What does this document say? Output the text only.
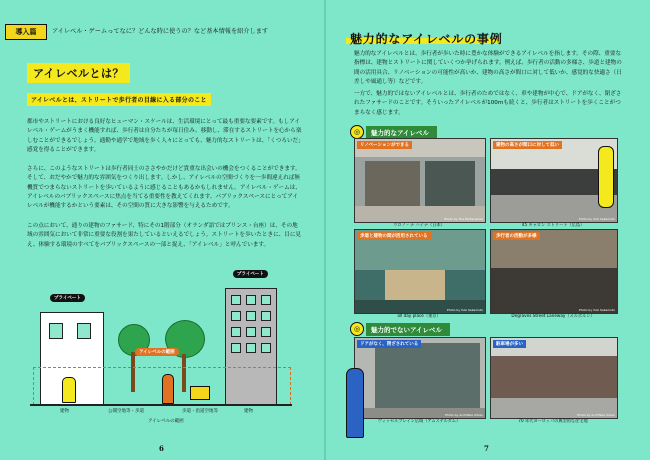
導入篇	アイレベル・ゲームってなに？どんな時に使うの？など基本情報を紹介します
アイレベルとは？
アイレベルとは、ストリートで歩行者の目線に入る部分のこと

都市やストリートにおける良好なヒューマン・スケールは、生活環境にとって最も重要な要素です。もしアイレベル・ゲームがうまく機能すれば、歩行者は自分たちが毎日住み、移動し、滞在するストリートを心から楽しむことができるでしょう。通勤や通学で地域を歩く人々にとっても、魅力的なストリートは、「くつろいだ」感覚を得ることができます。

さらに、このようなストリートは歩行者同士のささやかだけど貴重な出会いの機会をつくることができます。そして、おだやかで魅力的な雰囲気をつくり出します。しかし、アイレベルの空間づくりを一歩間違えれば無機質でつまらないストリートを歩いているように感じることもあるかもしれません。アイレベル・ゲームは、アイレベルのパブリックスペースに焦点を当てる重要性を教えてくれます。パブリックスペースにとってアイレベルが機能するかという要素は、その空間の質に大きな影響を与えるためです。

この点において、通りの建物のファサード、特にその1階部分（オランダ語ではプリンス・台座）は、その地域の雰囲気において非常に重要な役割を果たしているといえるでしょう。ストリートを歩いたときに、目に見え、体験する環境のすべてをパブリックスペースの一部と捉え、「アイレベル」と呼んでいます。

プライベート
プライベート
アイレベルの範囲
建物	公開空地等・歩道	歩道・沿道空地等	建物
アイレベルの範囲
6
魅力的なアイレベルの事例

魅力的なアイレベルとは、歩行者が歩いた時に豊かな体験ができるアイレベルを指します。その際、重要な指標は、建物とストリートに関していくつか挙げられます。例えば、歩行者の活動の多様さ、歩道と建物の間の活用具合、リノベーションの可能性が高いか、建物の高さが間口に対して低いか、感覚的な快適さ（日差しや風通し等）などです。

一方で、魅力的ではないアイレベルとは、歩行者のためではなく、車や建物が中心で、ドアがなく、閉ざされたファサードのことです。そういったアイレベルが100mも続くと、歩行者はストリートを歩くことがつまらなく感じます。

◎	魅力的なアイレベル
リノベーションができる
Photo by The Fairfacemos
ウロノ・ナ ハイナ（日本）
建物の高さが間口に対して低い
Photo by Yuki Sakamoto
45 キャロン ストリート（広島）
歩道と建物の間が活用されている
Photo by Yuki Sakamoto
all day place（東京）
歩行者の活動が多様
Photo by Yuki Sakamoto
Degraves Street Laneway（メルボルン）
◎	魅力的でないアイレベル
ドアがなく、閉ざされている
Photo by ArchTabe Urban
ヴィッセルブレイン広場（アムステルダム）
駐車場が多い
Photo by ArchTabe Urban
70 年代ヨーロッパの典型的な住宅地
7
